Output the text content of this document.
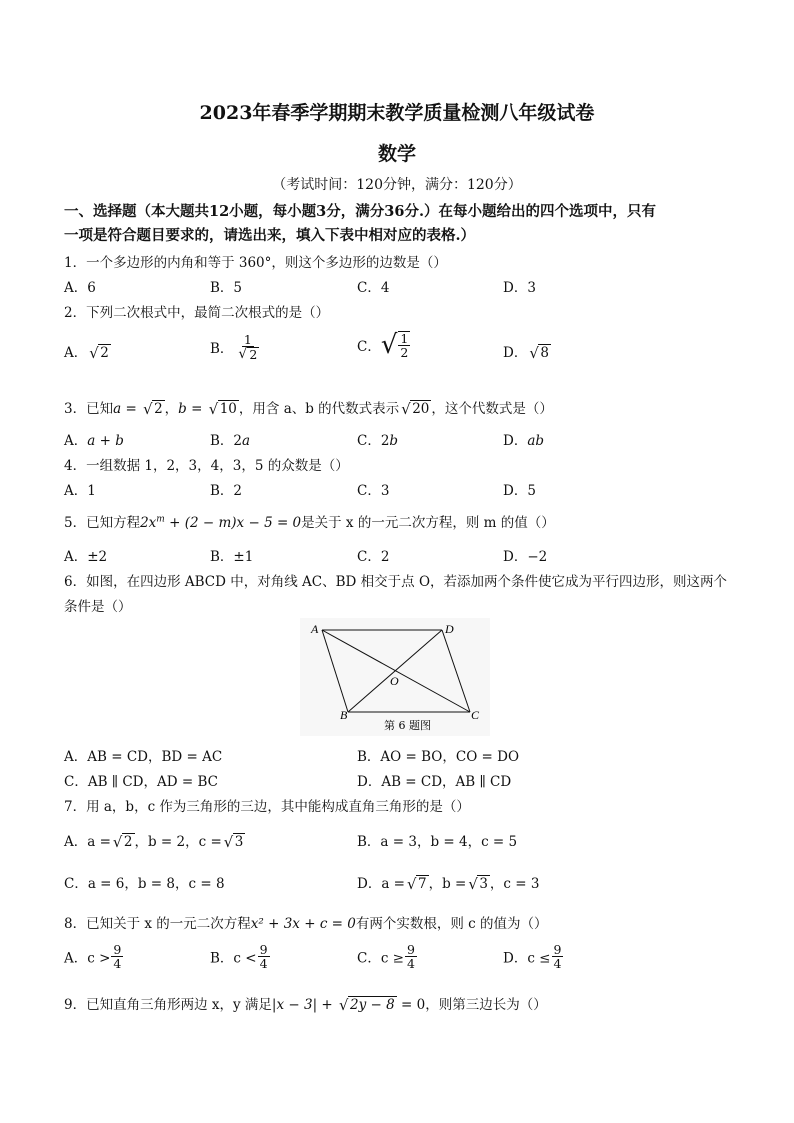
2023年春季学期期末教学质量检测八年级试卷
数学
（考试时间：120分钟，满分：120分）
一、选择题（本大题共12小题，每小题3分，满分36分.）在每小题给出的四个选项中，只有
一项是符合题目要求的，请选出来，填入下表中相对应的表格.）
1．一个多边形的内角和等于 360°，则这个多边形的边数是（）
A．6	B．5	C．4	D．3
2．下列二次根式中，最简二次根式的是（）
A． √ 2	B． $\frac{1}{√ 2}$	C．√ $\frac{1}{2}$	D． √ 8
3．已知a = √ 2 ，b = √ 10 ，用含 a、b 的代数式表示 √ 20 ，这个代数式是（）
A．a + b	B．2a	C．2b	D．ab
4．一组数据 1，2，3，4，3，5 的众数是（）
A．1	B．2	C．3	D．5
5．已知方程$2x^m + (2 - m)x - 5 = 0$是关于 x 的一元二次方程，则 m 的值（）
A．±2	B．±1	C．2	D．−2
6．如图，在四边形 ABCD 中，对角线 AC、BD 相交于点 O，若添加两个条件使它成为平行四边形，则这两个
条件是（）
A	D
B	C
O
第 6 题图
A．AB = CD，BD = AC	B．AO = BO，CO = DO
C．AB ∥ CD，AD = BC	D．AB = CD，AB ∥ CD
7．用 a，b，c 作为三角形的三边，其中能构成直角三角形的是（）
A．a = √ 2 ，b = 2，c = √ 3	B．a = 3，b = 4，c = 5
C．a = 6，b = 8，c = 8	D．a = √ 7 ，b = √ 3 ，c = 3
8．已知关于 x 的一元二次方程x² + 3x + c = 0有两个实数根，则 c 的值为（）
A．$c > \frac{9}{4}$	B．$c < \frac{9}{4}$	C．$c \ge \frac{9}{4}$	D．$c \le \frac{9}{4}$
9．已知直角三角形两边 x，y 满足|x − 3| + √ 2y − 8 = 0，则第三边长为（）
